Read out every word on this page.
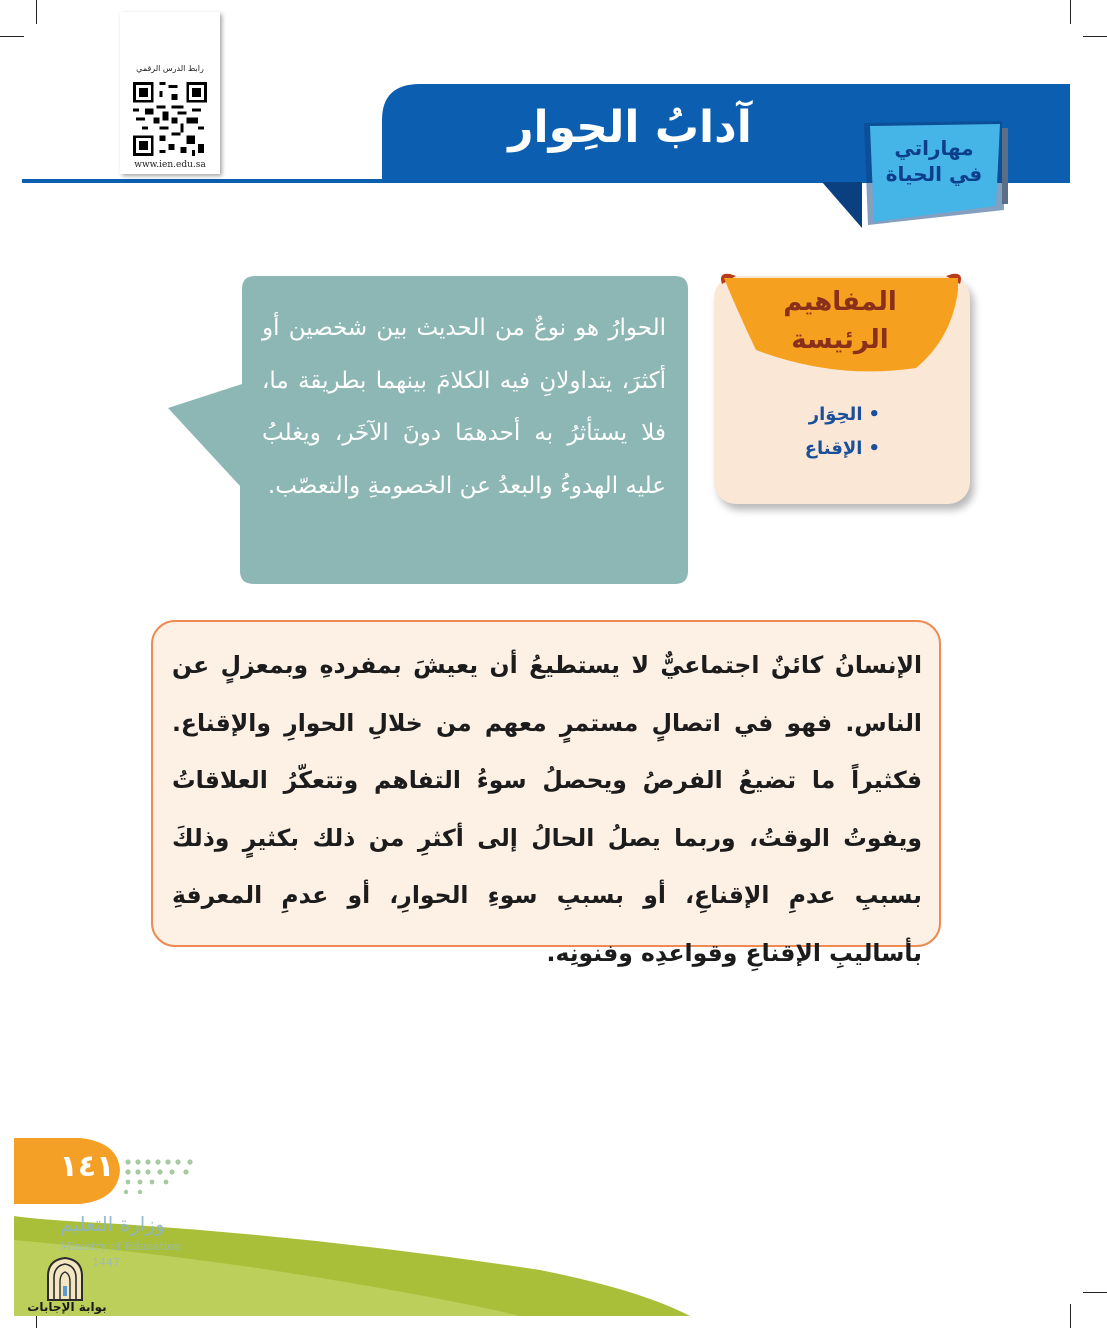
آدابُ الحِوار	مهاراتي
في الحياة
رابط الدرس الرقمي
www.ien.edu.sa
المفاهيم
الرئيسة
• الحِوَار
• الإقناع
الحوارُ هو نوعٌ من الحديث بين شخصين أو أكثرَ، يتداولانِ فيه الكلامَ بينهما بطريقة ما، فلا يستأثرُ به أحدهمَا دونَ الآخَر، ويغلبُ عليه الهدوءُ والبعدُ عن الخصومةِ والتعصّب.
الإنسانُ كائنٌ اجتماعيٌّ لا يستطيعُ أن يعيشَ بمفردهِ وبمعزلٍ عن الناس. فهو في اتصالٍ مستمرٍ معهم من خلالِ الحوارِ والإقناع. فكثيراً ما تضيعُ الفرصُ ويحصلُ سوءُ التفاهم وتتعكّرُ العلاقاتُ ويفوتُ الوقتُ، وربما يصلُ الحالُ إلى أكثرِ من ذلك بكثيرٍ وذلكَ بسببِ عدمِ الإقناعِ، أو بسببِ سوءِ الحوارِ، أو عدمِ المعرفةِ بأساليبِ الإقناعِ وقواعدِه وفنونِه.
١٤١
وزارة التعليم
Ministry of Education
1447
بوابة الإجابات
